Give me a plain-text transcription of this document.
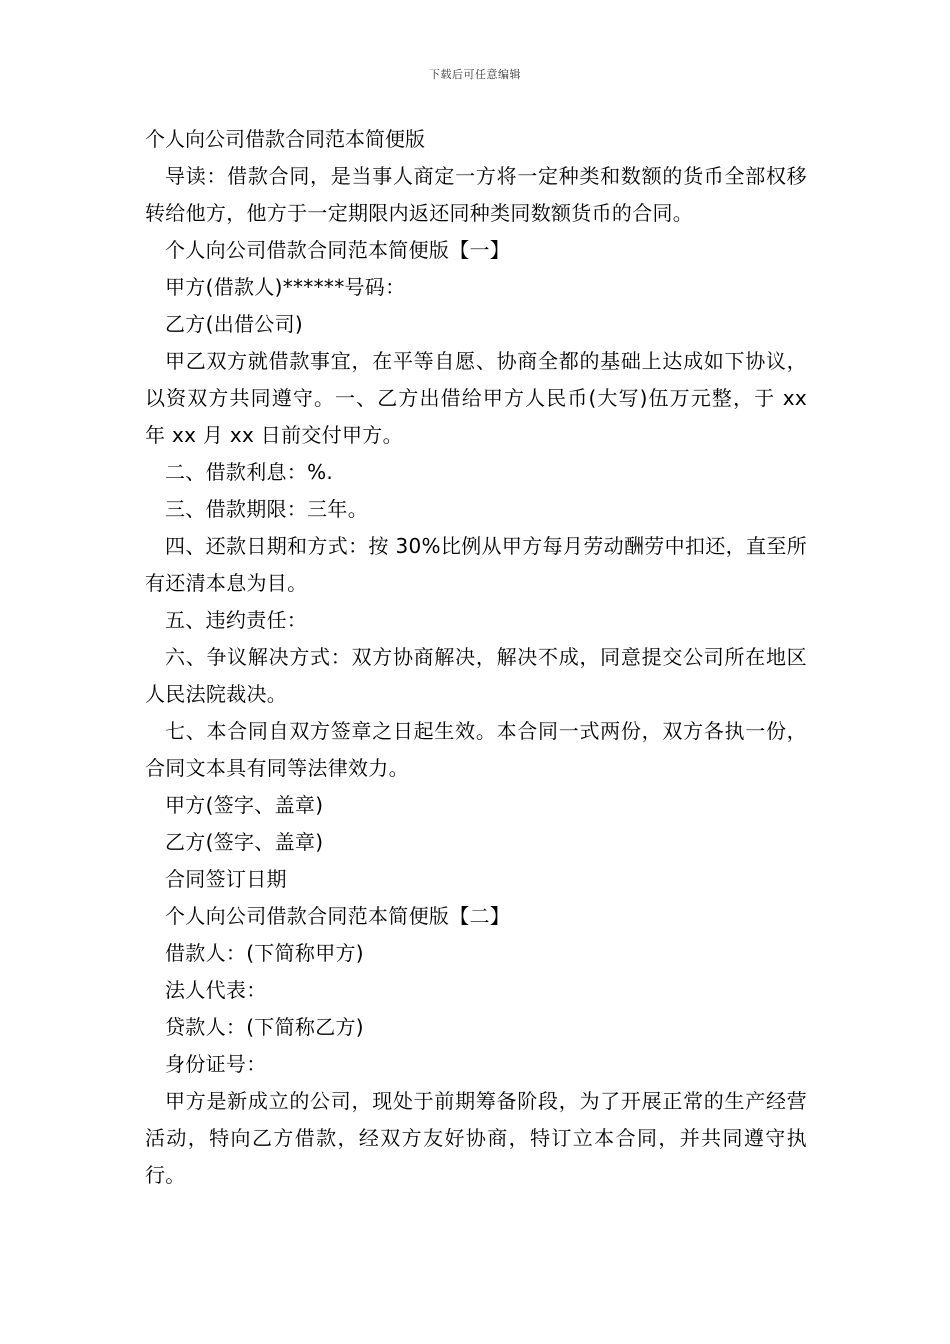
下载后可任意编辑
个人向公司借款合同范本简便版
导读：借款合同，是当事人商定一方将一定种类和数额的货币全部权移转给他方，他方于一定期限内返还同种类同数额货币的合同。
个人向公司借款合同范本简便版【一】
甲方(借款人)******号码：
乙方(出借公司)
甲乙双方就借款事宜，在平等自愿、协商全都的基础上达成如下协议，以资双方共同遵守。一、乙方出借给甲方人民币(大写)伍万元整，于 xx 年 xx 月 xx 日前交付甲方。
二、借款利息：%.
三、借款期限：三年。
四、还款日期和方式：按 30%比例从甲方每月劳动酬劳中扣还，直至所有还清本息为目。
五、违约责任：
六、争议解决方式：双方协商解决，解决不成，同意提交公司所在地区人民法院裁决。
七、本合同自双方签章之日起生效。本合同一式两份，双方各执一份，合同文本具有同等法律效力。
甲方(签字、盖章)
乙方(签字、盖章)
合同签订日期
个人向公司借款合同范本简便版【二】
借款人：(下简称甲方)
法人代表：
贷款人：(下简称乙方)
身份证号：
甲方是新成立的公司，现处于前期筹备阶段，为了开展正常的生产经营活动，特向乙方借款，经双方友好协商，特订立本合同，并共同遵守执行。
